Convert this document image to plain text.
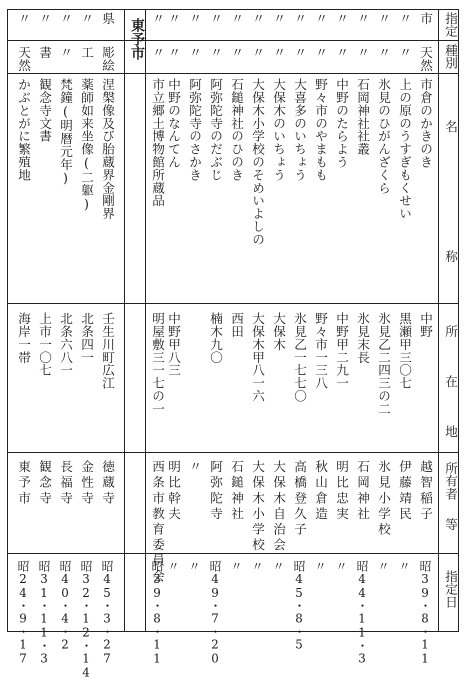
指定
種別
名
称
所
在
地
所有者
等
指定日
東予市	市
天然
市倉のかきのき
中野
越智稲子
昭39・8・11
〃
〃
上の原のうすぎもくせい
黒瀬甲三〇七
伊藤靖民
〃
〃
〃
氷見のひがんざくら
氷見乙二四三の二
氷見小学校
〃
〃
〃
石岡神社社叢
氷見末長
石岡神社
昭44・11・3
〃
〃
中野のたらよう
中野甲二九一
明比忠実
〃
〃
〃
野々市のやまもも
野々市一三八
秋山倉造
〃
〃
〃
大喜多のいちょう
氷見乙一七七〇
高橋登久子
昭45・8・5
〃
〃
大保木のいちょう
大保木
大保木自治会
〃
〃
〃
大保木小学校のそめいよしの
大保木甲八一六
大保木小学校
〃
〃
〃
石鎚神社のひのき
西田
石鎚神社
〃
〃
〃
阿弥陀寺のだぶじ
楠木九〇
阿弥陀寺
昭49・7・20
〃
〃
阿弥陀寺のさかき
〃
〃
〃
〃
中野のなんてん
中野甲八三
明比幹夫
〃
〃
〃
市立郷土博物館所蔵品
明屋敷三一七の一
西条市教育委員会
昭39・8・11
県
彫絵
涅槃像及び胎蔵界金剛界
壬生川町広江
徳蔵寺
昭45・3・27
〃
工
薬師如来坐像(二躯)
北条四一
金性寺
昭32・12・14
〃
〃
梵鐘(明暦元年)
北条六八一
長福寺
昭40・4・2
〃
書
観念寺文書
上市一〇七
観念寺
昭31・11・3
〃
天然
かぶとがに繁殖地
海岸一帯
東予市
昭24・9・17
